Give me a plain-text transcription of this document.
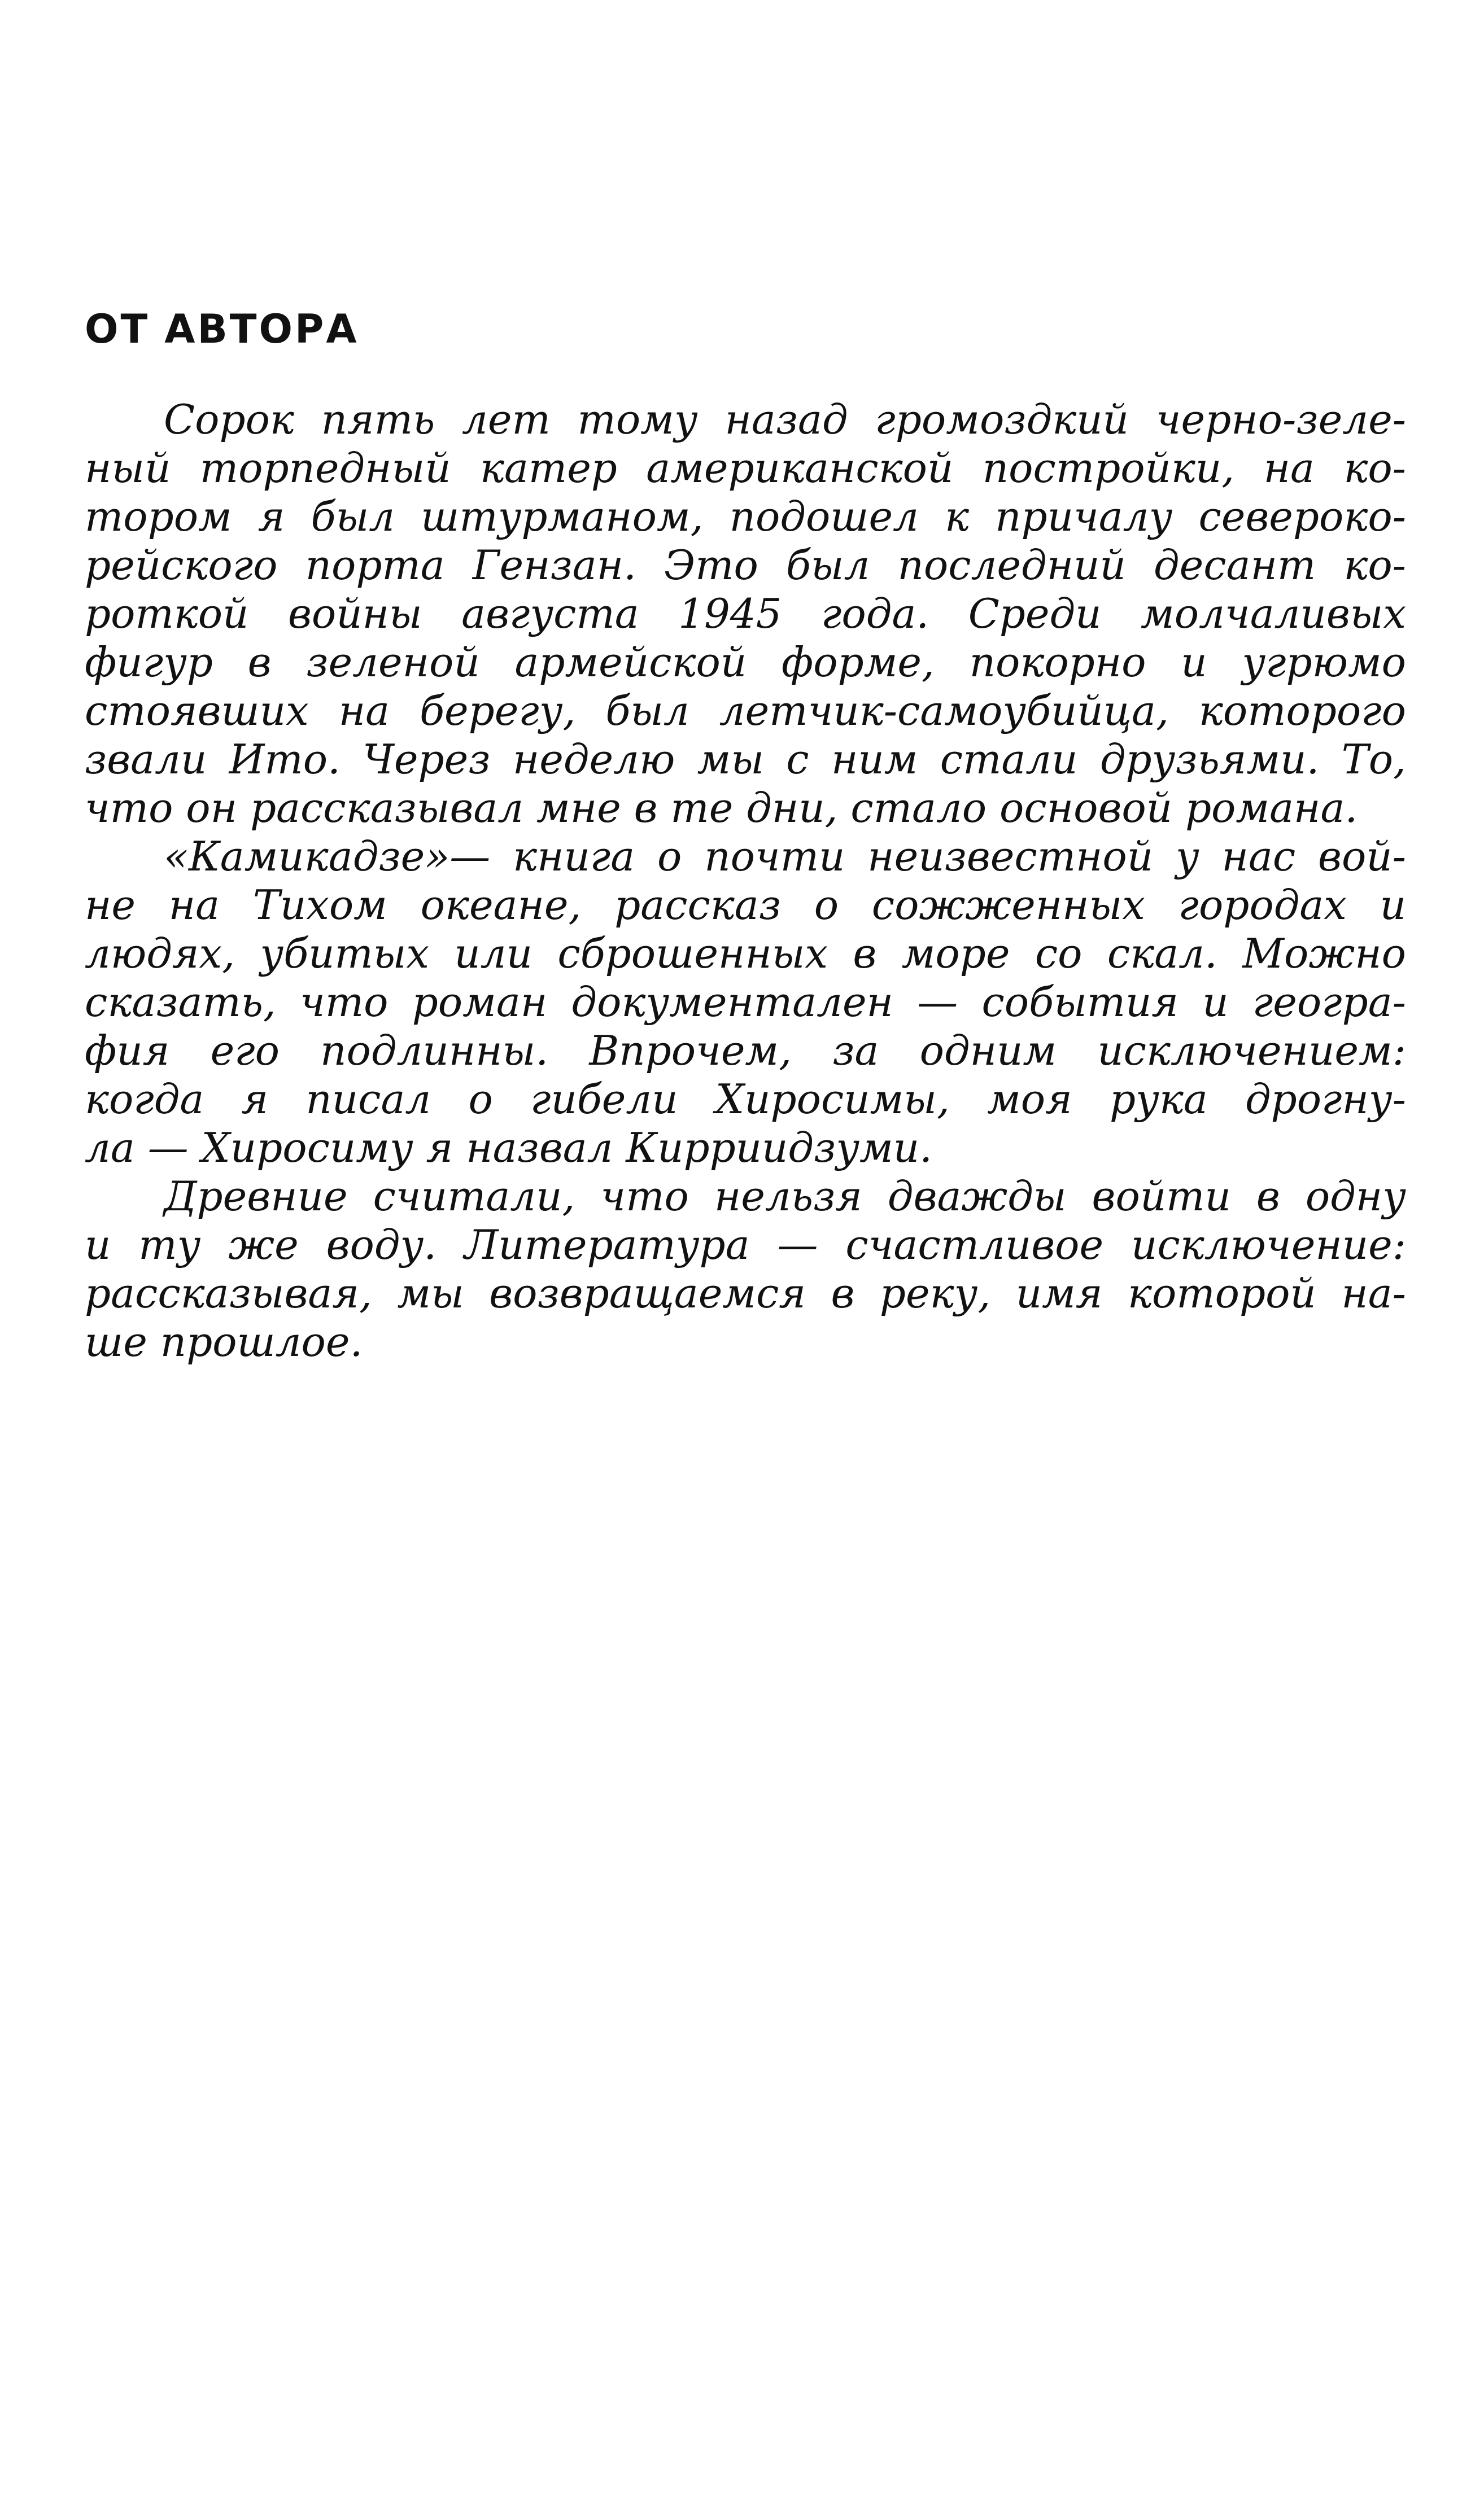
ОТ АВТОРА
Сорок пять лет тому назад громоздкий черно-зеле-
ный торпедный катер американской постройки, на ко-
тором я был штурманом, подошел к причалу североко-
рейского порта Гензан. Это был последний десант ко-
роткой войны августа 1945 года. Среди молчаливых
фигур в зеленой армейской форме, покорно и угрюмо
стоявших на берегу, был летчик-самоубийца, которого
звали Ито. Через неделю мы с ним стали друзьями. То,
что он рассказывал мне в те дни, стало основой романа.
«Камикадзе»— книга о почти неизвестной у нас вой-
не на Тихом океане, рассказ о сожженных городах и
людях, убитых или сброшенных в море со скал. Можно
сказать, что роман документален — события и геогра-
фия его подлинны. Впрочем, за одним исключением:
когда я писал о гибели Хиросимы, моя рука дрогну-
ла — Хиросиму я назвал Кирриидзуми.
Древние считали, что нельзя дважды войти в одну
и ту же воду. Литература — счастливое исключение:
рассказывая, мы возвращаемся в реку, имя которой на-
ше прошлое.
